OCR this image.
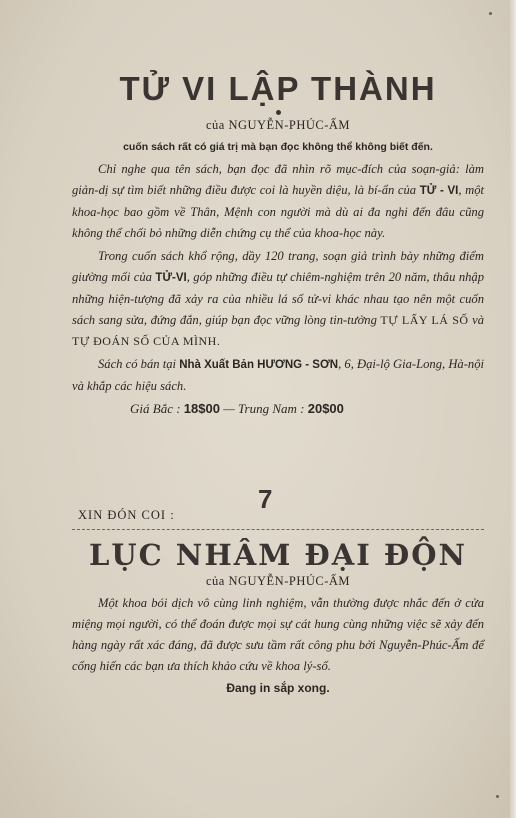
TỬ VI LẬP THÀNH
của NGUYỄN-PHÚC-ẤM
cuốn sách rất có giá trị mà bạn đọc không thể không biết đến.

Chỉ nghe qua tên sách, bạn đọc đã nhìn rõ mục-đích của soạn-giả: làm giản-dị sự tìm biết những điều được coi là huyền diệu, là bí-ẩn của TỬ - VI, một khoa-học bao gồm về Thân, Mệnh con người mà dù ai đa nghi đến đâu cũng không thể chối bỏ những diễn chứng cụ thể của khoa-học này.

Trong cuốn sách khổ rộng, dầy 120 trang, soạn giả trình bày những điểm giường mối của TỬ-VI, góp những điều tự chiêm-nghiệm trên 20 năm, thâu nhập những hiện-tượng đã xảy ra của nhiều lá số tử-vi khác nhau tạo nên một cuốn sách sang sửa, đứng đắn, giúp bạn đọc vững lòng tin-tưởng TỰ LẤY LÁ SỐ và TỰ ĐOÁN SỐ CỦA MÌNH.

Sách có bán tại Nhà Xuất Bản HƯƠNG - SƠN, 6, Đại-lộ Gia-Long, Hà-nội và khắp các hiệu sách.

Giá Bắc : 18$00 — Trung Nam : 20$00
7
XIN ĐÓN COI :
LỤC NHÂM ĐẠI ĐỘN
của NGUYỄN-PHÚC-ẤM

Một khoa bói dịch vô cùng linh nghiệm, vẫn thường được nhắc đến ở cửa miệng mọi người, có thể đoán được mọi sự cát hung cùng những việc sẽ xảy đến hàng ngày rất xác đáng, đã được sưu tầm rất công phu bởi Nguyễn-Phúc-Ấm để cống hiến các bạn ưa thích khảo cứu về khoa lý-số.

Đang in sắp xong.
